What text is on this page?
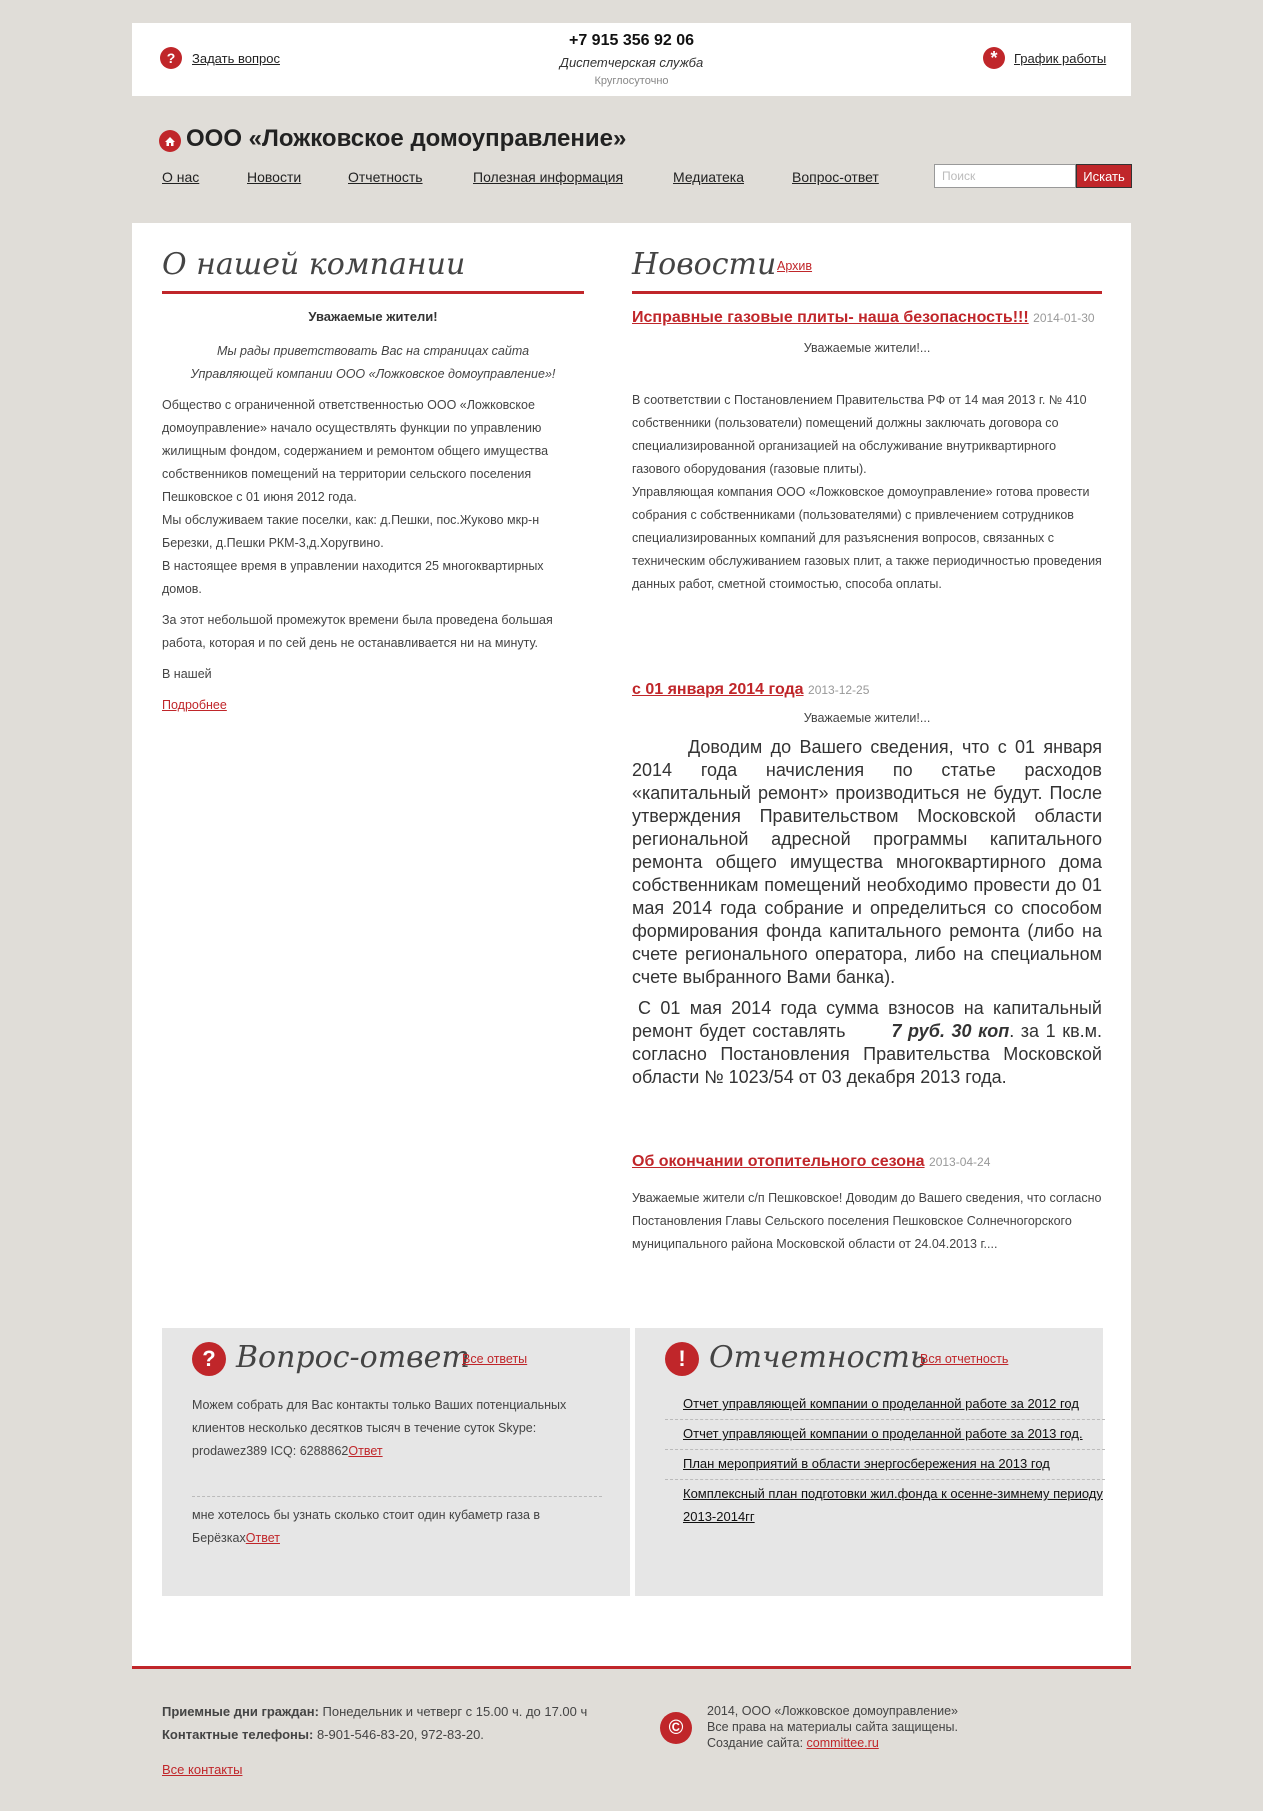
?	Задать вопрос
+7 915 356 92 06
Диспетчерская служба
Круглосуточно
*	График работы
ООО «Ложковское домоуправление»
О нас	Новости	Отчетность	Полезная информация	Медиатека	Вопрос-ответ	Поиск	Искать
О нашей компании
Уважаемые жители!
Мы рады приветствовать Вас на страницах сайта
Управляющей компании ООО «Ложковское домоуправление»!
Общество с ограниченной ответственностью ООО «Ложковское домоуправление» начало осуществлять функции по управлению жилищным фондом, содержанием и ремонтом общего имущества собственников помещений на территории сельского поселения Пешковское с 01 июня 2012 года.
Мы обслуживаем такие поселки, как: д.Пешки, пос.Жуково мкр-н Березки, д.Пешки РКМ-3,д.Хоругвино.
В настоящее время в управлении находится 25 многоквартирных домов.
За этот небольшой промежуток времени была проведена большая работа, которая и по сей день не останавливается ни на минуту.
В нашей
Подробнее
Новости Архив
Исправные газовые плиты- наша безопасность!!! 2014-01-30
Уважаемые жители!...
В соответствии с Постановлением Правительства РФ от 14 мая 2013 г. № 410 собственники (пользователи) помещений должны заключать договора со специализированной организацией на обслуживание внутриквартирного газового оборудования (газовые плиты).
Управляющая компания ООО «Ложковское домоуправление» готова провести собрания с собственниками (пользователями) с привлечением сотрудников специализированных компаний для разъяснения вопросов, связанных с техническим обслуживанием газовых плит, а также периодичностью проведения данных работ, сметной стоимостью, способа оплаты.
с 01 января 2014 года 2013-12-25
Уважаемые жители!...
Доводим до Вашего сведения, что с 01 января 2014 года начисления по статье расходов «капитальный ремонт» производиться не будут. После утверждения Правительством Московской области региональной адресной программы капитального ремонта общего имущества многоквартирного дома собственникам помещений необходимо провести до 01 мая 2014 года собрание и определиться со способом формирования фонда капитального ремонта (либо на счете регионального оператора, либо на специальном счете выбранного Вами банка).
С 01 мая 2014 года сумма взносов на капитальный ремонт будет составлять	7 руб. 30 коп. за 1 кв.м. согласно Постановления Правительства Московской области № 1023/54 от 03 декабря 2013 года.
Об окончании отопительного сезона 2013-04-24
Уважаемые жители с/п Пешковское! Доводим до Вашего сведения, что согласно Постановления Главы Сельского поселения Пешковское Солнечногорского муниципального района Московской области от 24.04.2013 г....
? Вопрос-ответ
Все ответы
Можем собрать для Вас контакты только Ваших потенциальных клиентов несколько десятков тысяч в течение суток Skype: prodawez389 ICQ: 6288862Ответ
мне хотелось бы узнать сколько стоит один кубаметр газа в БерёзкахОтвет
! Отчетность
Вся отчетность
Отчет управляющей компании о проделанной работе за 2012 год
Отчет управляющей компании о проделанной работе за 2013 год.
План мероприятий в области энергосбережения на 2013 год
Комплексный план подготовки жил.фонда к осенне-зимнему периоду 2013-2014гг
Приемные дни граждан: Понедельник и четверг с 15.00 ч. до 17.00 ч
Контактные телефоны: 8-901-546-83-20, 972-83-20.
Все контакты
©
2014, ООО «Ложковское домоуправление»
Все права на материалы сайта защищены.
Создание сайта: committee.ru
